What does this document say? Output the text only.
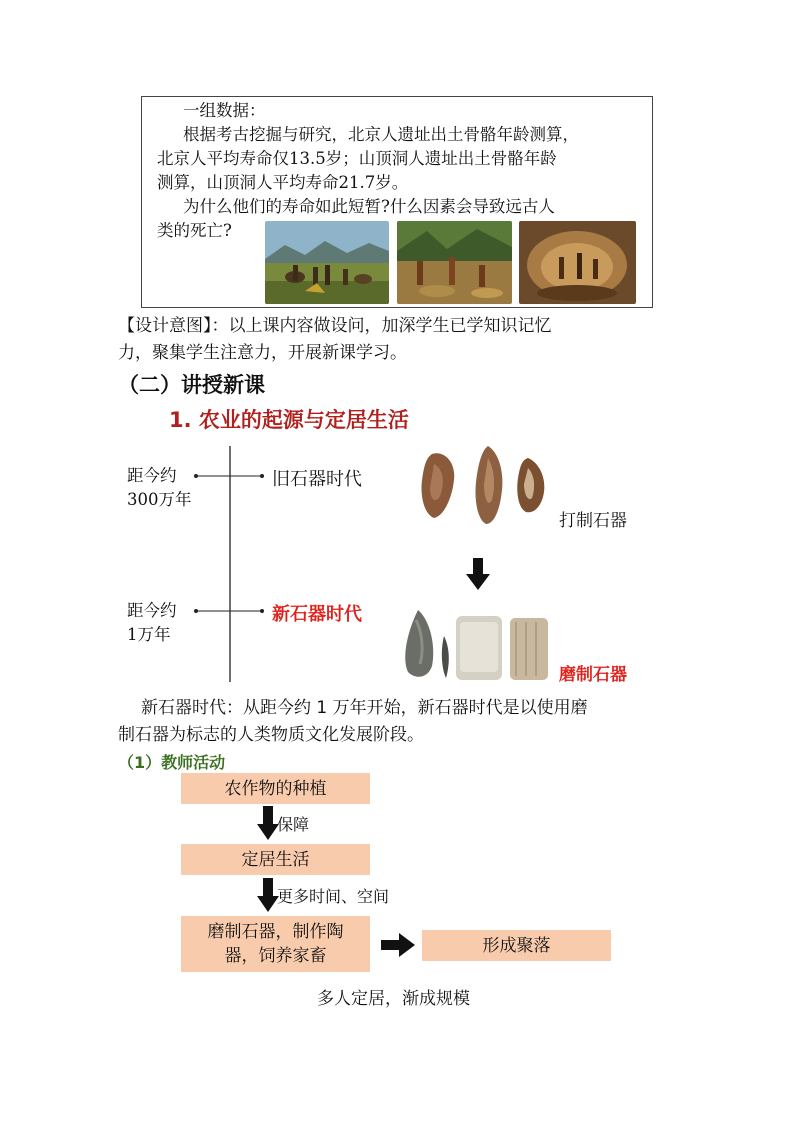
一组数据：
根据考古挖掘与研究，北京人遗址出土骨骼年龄测算，
北京人平均寿命仅13.5岁；山顶洞人遗址出土骨骼年龄
测算，山顶洞人平均寿命21.7岁。
为什么他们的寿命如此短暂?什么因素会导致远古人
类的死亡?
【设计意图】：以上课内容做设问，加深学生已学知识记忆
力，聚集学生注意力，开展新课学习。
（二）讲授新课
1. 农业的起源与定居生活
距今约
300万年
旧石器时代
距今约
1万年
新石器时代
打制石器
磨制石器
新石器时代：从距今约 1 万年开始，新石器时代是以使用磨
制石器为标志的人类物质文化发展阶段。
（1）教师活动
农作物的种植
保障
定居生活
更多时间、空间
磨制石器，制作陶
器，饲养家畜
形成聚落
多人定居，渐成规模
